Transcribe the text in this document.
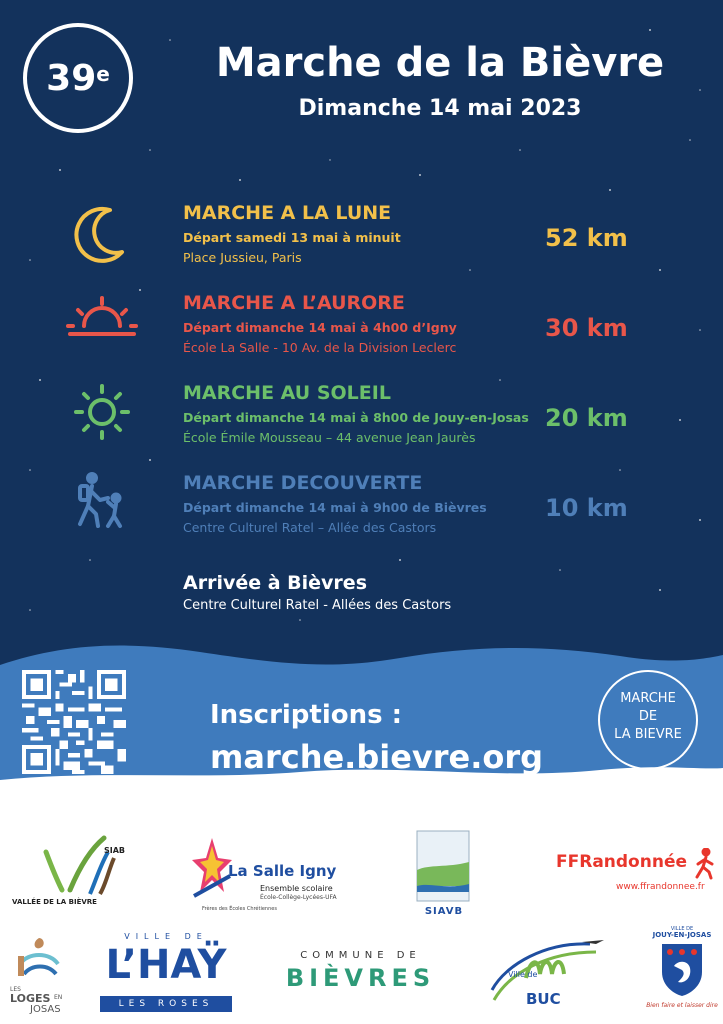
39e	Marche de la Bièvre
Dimanche 14 mai 2023
MARCHE A LA LUNE
Départ samedi 13 mai à minuit
Place Jussieu, Paris
52 km
MARCHE A L’AURORE
Départ dimanche 14 mai à 4h00 d’Igny
École La Salle - 10 Av. de la Division Leclerc
30 km
MARCHE AU SOLEIL
Départ dimanche 14 mai à 8h00 de Jouy-en-Josas
École Émile Mousseau – 44 avenue Jean Jaurès
20 km
MARCHE DECOUVERTE
Départ dimanche 14 mai à 9h00 de Bièvres
Centre Culturel Ratel – Allée des Castors
10 km
Arrivée à Bièvres
Centre Culturel Ratel - Allées des Castors
Inscriptions :
marche.bievre.org
MARCHE
DE
LA BIEVRE
SIAB
VALLÉE DE LA BIÈVRE
La Salle Igny
Ensemble scolaire
École-Collège-Lycées-UFA
Frères des Écoles Chrétiennes	SIAVB
FFRandonnée
www.ffrandonnee.fr
LES
LOGES EN
JOSAS
VILLE DE
L’HAŸ
LES ROSES
COMMUNE DE
BIÈVRES	Ville de
BUC
VILLE DE
JOUY-EN-JOSAS
Bien faire et laisser dire
